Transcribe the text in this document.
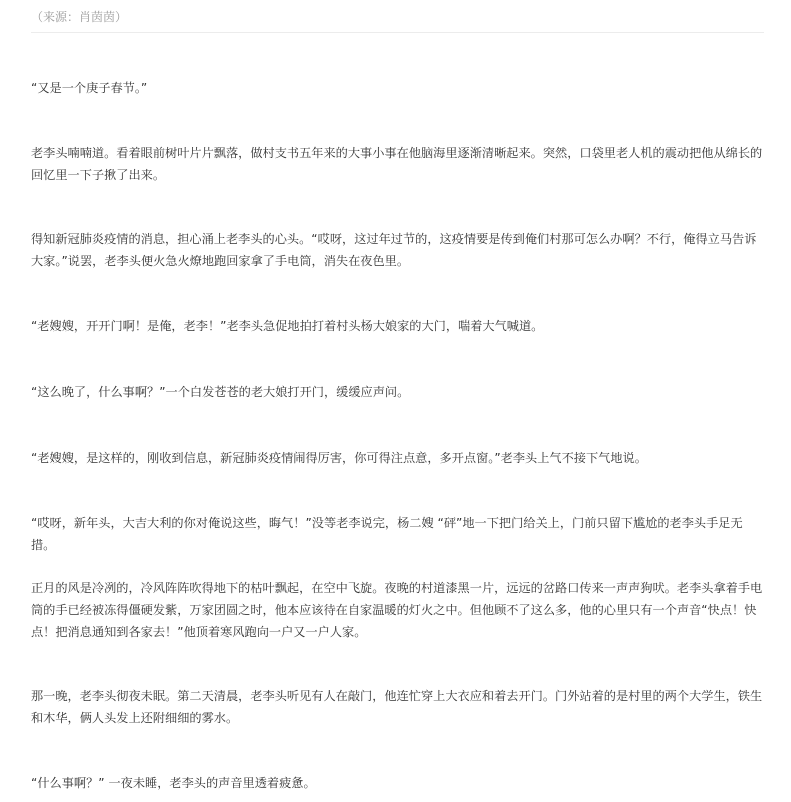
（来源：肖茵茵）

“又是一个庚子春节。”

老李头喃喃道。看着眼前树叶片片飘落，做村支书五年来的大事小事在他脑海里逐渐清晰起来。突然，口袋里老人机的震动把他从绵长的回忆里一下子揪了出来。

得知新冠肺炎疫情的消息，担心涌上老李头的心头。“哎呀，这过年过节的，这疫情要是传到俺们村那可怎么办啊？不行，俺得立马告诉大家。”说罢，老李头便火急火燎地跑回家拿了手电筒，消失在夜色里。

“老嫂嫂，开开门啊！是俺，老李！”老李头急促地拍打着村头杨大娘家的大门，喘着大气喊道。

“这么晚了，什么事啊？”一个白发苍苍的老大娘打开门，缓缓应声问。

“老嫂嫂，是这样的，刚收到信息，新冠肺炎疫情闹得厉害，你可得注点意，多开点窗。”老李头上气不接下气地说。

“哎呀，新年头，大吉大利的你对俺说这些，晦气！”没等老李说完，杨二嫂 “砰”地一下把门给关上，门前只留下尴尬的老李头手足无措。

正月的风是冷冽的，冷风阵阵吹得地下的枯叶飘起，在空中飞旋。夜晚的村道漆黑一片，远远的岔路口传来一声声狗吠。老李头拿着手电筒的手已经被冻得僵硬发紫，万家团圆之时，他本应该待在自家温暖的灯火之中。但他顾不了这么多，他的心里只有一个声音“快点！快点！把消息通知到各家去！”他顶着寒风跑向一户又一户人家。

那一晚，老李头彻夜未眠。第二天清晨，老李头听见有人在敲门，他连忙穿上大衣应和着去开门。门外站着的是村里的两个大学生，铁生和木华，俩人头发上还附细细的雾水。

“什么事啊？” 一夜未睡，老李头的声音里透着疲惫。
